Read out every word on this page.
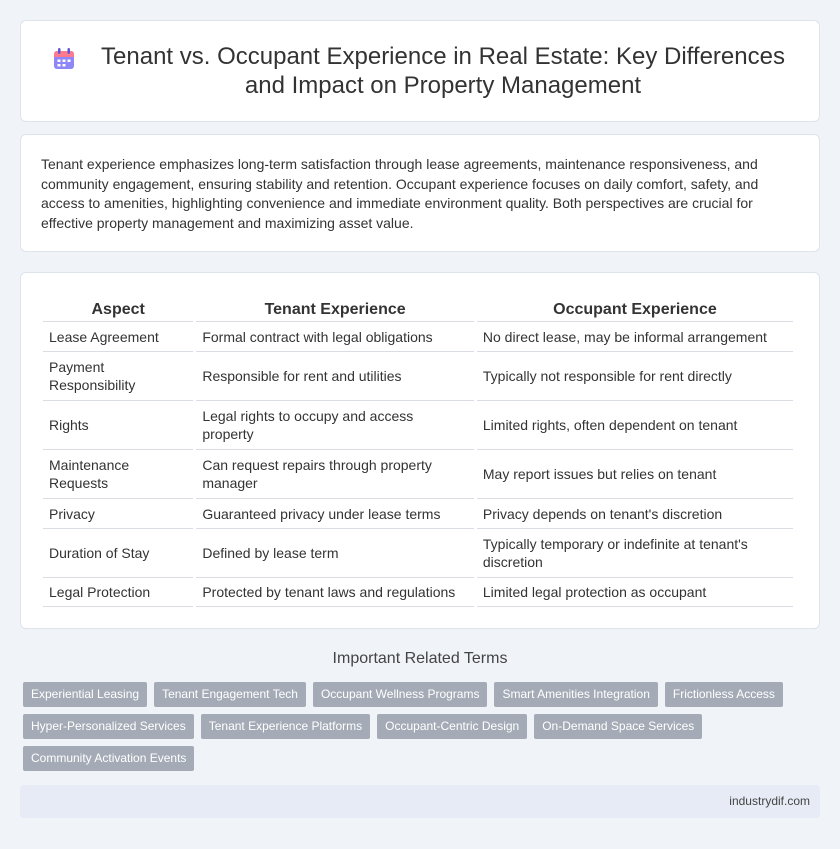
Tenant vs. Occupant Experience in Real Estate: Key Differences and Impact on Property Management

Tenant experience emphasizes long-term satisfaction through lease agreements, maintenance responsiveness, and community engagement, ensuring stability and retention. Occupant experience focuses on daily comfort, safety, and access to amenities, highlighting convenience and immediate environment quality. Both perspectives are crucial for effective property management and maximizing asset value.

Aspect	Tenant Experience	Occupant Experience
Lease Agreement	Formal contract with legal obligations	No direct lease, may be informal arrangement
Payment Responsibility	Responsible for rent and utilities	Typically not responsible for rent directly
Rights	Legal rights to occupy and access property	Limited rights, often dependent on tenant
Maintenance Requests	Can request repairs through property manager	May report issues but relies on tenant
Privacy	Guaranteed privacy under lease terms	Privacy depends on tenant's discretion
Duration of Stay	Defined by lease term	Typically temporary or indefinite at tenant's discretion
Legal Protection	Protected by tenant laws and regulations	Limited legal protection as occupant
Important Related Terms
Experiential Leasing	Tenant Engagement Tech	Occupant Wellness Programs	Smart Amenities Integration	Frictionless Access
Hyper-Personalized Services	Tenant Experience Platforms	Occupant-Centric Design	On-Demand Space Services
Community Activation Events
industrydif.com
